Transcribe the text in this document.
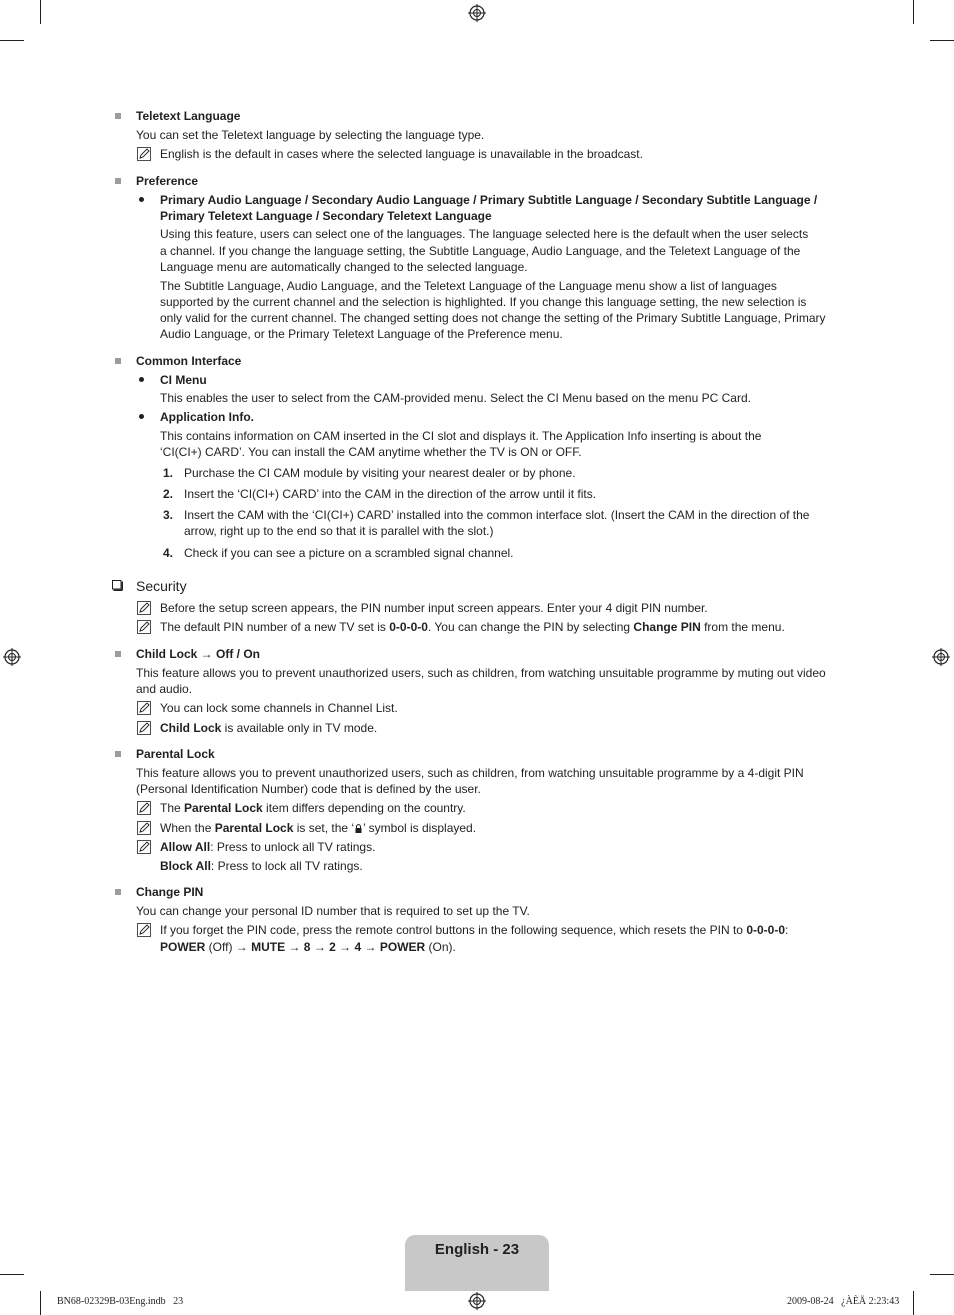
Teletext Language
You can set the Teletext language by selecting the language type.
English is the default in cases where the selected language is unavailable in the broadcast.
Preference
Primary Audio Language / Secondary Audio Language / Primary Subtitle Language / Secondary Subtitle Language /
Primary Teletext Language / Secondary Teletext Language
Using this feature, users can select one of the languages. The language selected here is the default when the user selects
a channel. If you change the language setting, the Subtitle Language, Audio Language, and the Teletext Language of the
Language menu are automatically changed to the selected language.
The Subtitle Language, Audio Language, and the Teletext Language of the Language menu show a list of languages
supported by the current channel and the selection is highlighted. If you change this language setting, the new selection is
only valid for the current channel. The changed setting does not change the setting of the Primary Subtitle Language, Primary
Audio Language, or the Primary Teletext Language of the Preference menu.
Common Interface
CI Menu
This enables the user to select from the CAM-provided menu. Select the CI Menu based on the menu PC Card.
Application Info.
This contains information on CAM inserted in the CI slot and displays it. The Application Info inserting is about the
‘CI(CI+) CARD’. You can install the CAM anytime whether the TV is ON or OFF.
1. Purchase the CI CAM module by visiting your nearest dealer or by phone.
2. Insert the ‘CI(CI+) CARD’ into the CAM in the direction of the arrow until it fits.
3. Insert the CAM with the ‘CI(CI+) CARD’ installed into the common interface slot. (Insert the CAM in the direction of the
arrow, right up to the end so that it is parallel with the slot.)
4. Check if you can see a picture on a scrambled signal channel.
Security
Before the setup screen appears, the PIN number input screen appears. Enter your 4 digit PIN number.
The default PIN number of a new TV set is 0-0-0-0. You can change the PIN by selecting Change PIN from the menu.
Child Lock → Off / On
This feature allows you to prevent unauthorized users, such as children, from watching unsuitable programme by muting out video
and audio.
You can lock some channels in Channel List.
Child Lock is available only in TV mode.
Parental Lock
This feature allows you to prevent unauthorized users, such as children, from watching unsuitable programme by a 4-digit PIN
(Personal Identification Number) code that is defined by the user.
The Parental Lock item differs depending on the country.
When the Parental Lock is set, the ‘ ’ symbol is displayed.
Allow All: Press to unlock all TV ratings.
Block All: Press to lock all TV ratings.
Change PIN
You can change your personal ID number that is required to set up the TV.
If you forget the PIN code, press the remote control buttons in the following sequence, which resets the PIN to 0-0-0-0:
POWER (Off) → MUTE → 8 → 2 → 4 → POWER (On).
English - 23
BN68-02329B-03Eng.indb   23	2009-08-24   ¿ÀÈÄ 2:23:43
